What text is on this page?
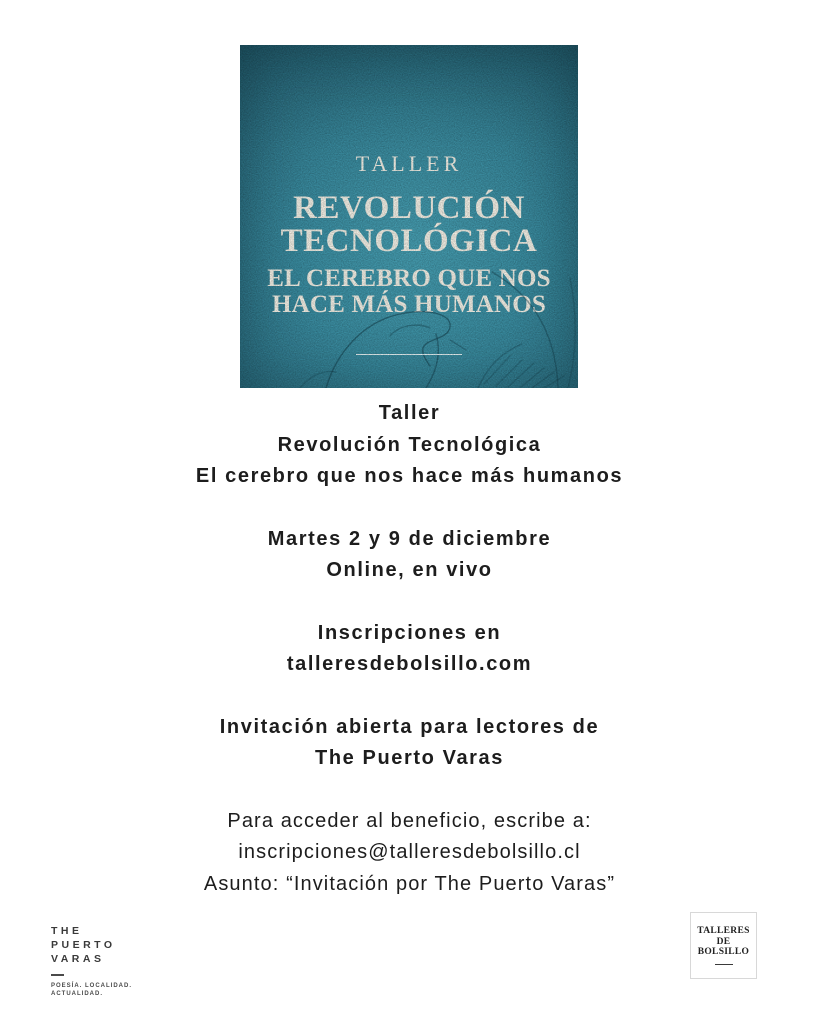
TALLER
REVOLUCIÓN
TECNOLÓGICA
EL CEREBRO QUE NOS
HACE MÁS HUMANOS

Taller
Revolución Tecnológica
El cerebro que nos hace más humanos

Martes 2 y 9 de diciembre
Online, en vivo

Inscripciones en
talleresdebolsillo.com

Invitación abierta para lectores de
The Puerto Varas

Para acceder al beneficio, escribe a:
inscripciones@talleresdebolsillo.cl
Asunto: “Invitación por The Puerto Varas”

THE
PUERTO
VARAS
POESÍA. LOCALIDAD.
ACTUALIDAD.
TALLERES
DE
BOLSILLO
